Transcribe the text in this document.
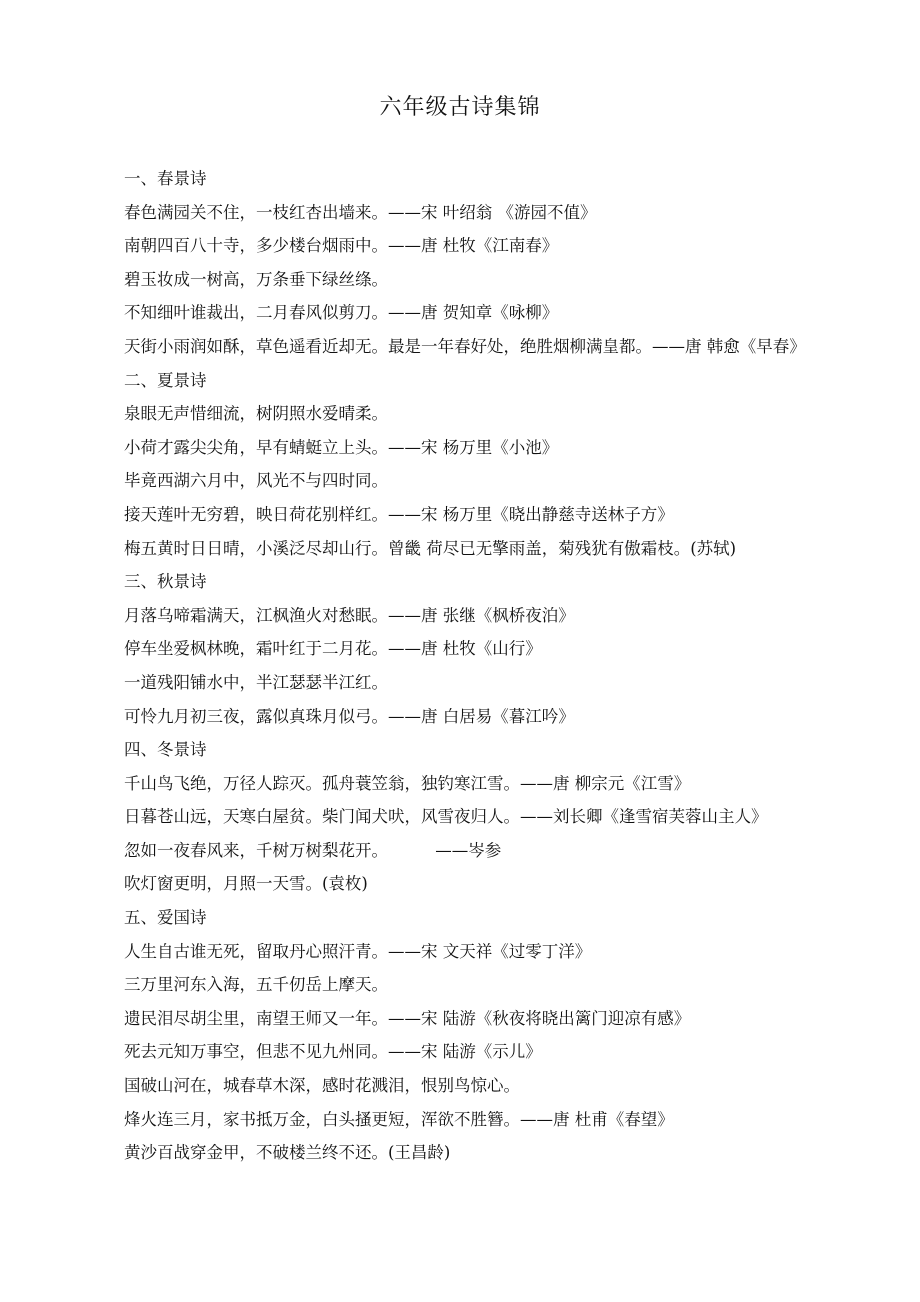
六年级古诗集锦
一、春景诗
春色满园关不住，一枝红杏出墙来。——宋 叶绍翁 《游园不值》
南朝四百八十寺，多少楼台烟雨中。——唐 杜牧《江南春》
碧玉妆成一树高，万条垂下绿丝绦。
不知细叶谁裁出，二月春风似剪刀。——唐 贺知章《咏柳》
天街小雨润如酥，草色遥看近却无。最是一年春好处，绝胜烟柳满皇都。——唐 韩愈《早春》
二、夏景诗
泉眼无声惜细流，树阴照水爱晴柔。
小荷才露尖尖角，早有蜻蜓立上头。——宋 杨万里《小池》
毕竟西湖六月中，风光不与四时同。
接天莲叶无穷碧，映日荷花别样红。——宋 杨万里《晓出静慈寺送林子方》
梅五黄时日日晴，小溪泛尽却山行。曾畿 荷尽已无擎雨盖，菊残犹有傲霜枝。(苏轼)
三、秋景诗
月落乌啼霜满天，江枫渔火对愁眠。——唐 张继《枫桥夜泊》
停车坐爱枫林晚，霜叶红于二月花。——唐 杜牧《山行》
一道残阳铺水中，半江瑟瑟半江红。
可怜九月初三夜，露似真珠月似弓。——唐 白居易《暮江吟》
四、冬景诗
千山鸟飞绝，万径人踪灭。孤舟蓑笠翁，独钓寒江雪。——唐 柳宗元《江雪》
日暮苍山远，天寒白屋贫。柴门闻犬吠，风雪夜归人。——刘长卿《逢雪宿芙蓉山主人》
忽如一夜春风来，千树万树梨花开。         ——岑参
吹灯窗更明，月照一天雪。(袁枚)
五、爱国诗
人生自古谁无死，留取丹心照汗青。——宋 文天祥《过零丁洋》
三万里河东入海，五千仞岳上摩天。
遗民泪尽胡尘里，南望王师又一年。——宋 陆游《秋夜将晓出篱门迎凉有感》
死去元知万事空，但悲不见九州同。——宋 陆游《示儿》
国破山河在，城春草木深，感时花溅泪，恨别鸟惊心。
烽火连三月，家书抵万金，白头搔更短，浑欲不胜簪。——唐 杜甫《春望》
黄沙百战穿金甲，不破楼兰终不还。(王昌龄)
